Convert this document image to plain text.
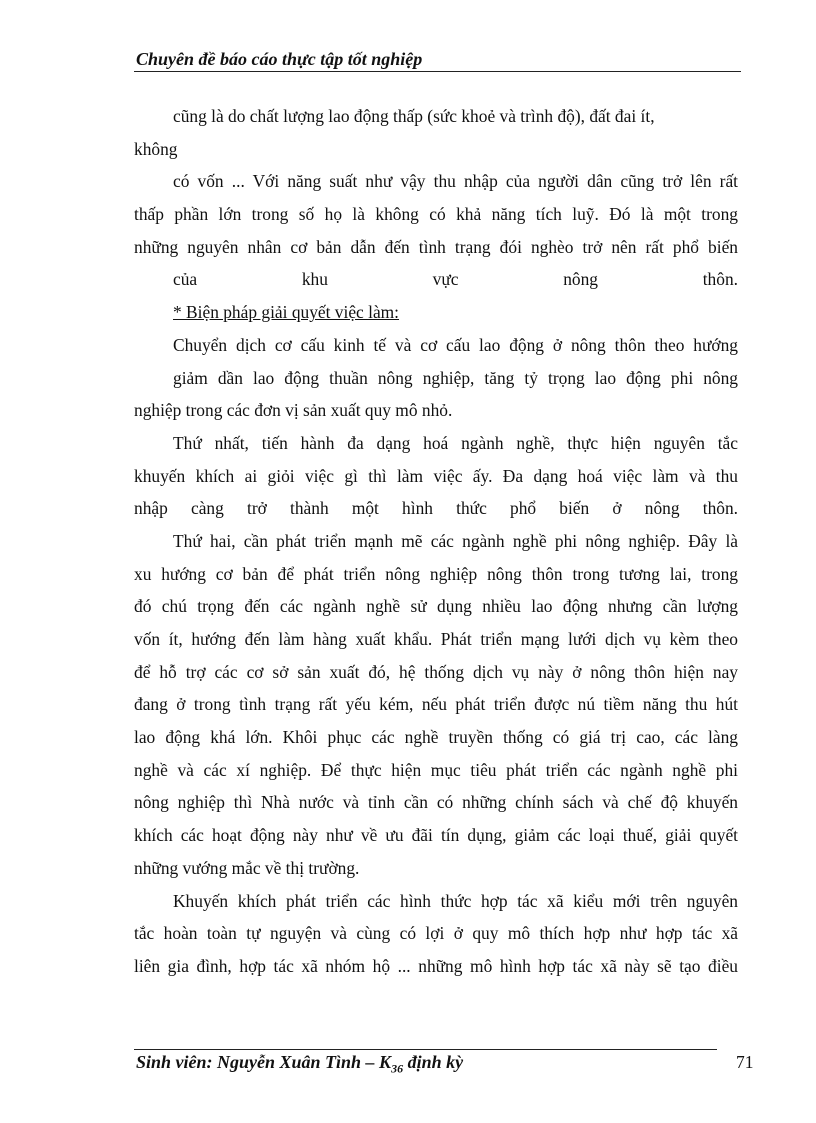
Chuyên đề báo cáo thực tập tốt nghiệp
cũng là do chất lượng lao động thấp (sức khoẻ và trình độ), đất đai ít,
không
có vốn ... Với năng suất như vậy thu nhập của người dân cũng trở lên rất
thấp phần lớn trong số họ là không có khả năng tích luỹ. Đó là một trong
những nguyên nhân cơ bản dẫn đến tình trạng đói nghèo trở nên rất phổ biến
của khu vực nông thôn.
* Biện pháp giải quyết việc làm:
Chuyển dịch cơ cấu kinh tế và cơ cấu lao động ở nông thôn theo hướng
giảm dần lao động thuần nông nghiệp, tăng tỷ trọng lao động phi nông
nghiệp trong các đơn vị sản xuất quy mô nhỏ.
Thứ nhất, tiến hành đa dạng hoá ngành nghề, thực hiện nguyên tắc
khuyến khích ai giỏi việc gì thì làm việc ấy. Đa dạng hoá việc làm và thu
nhập càng trở thành một hình thức phổ biến ở nông thôn.
Thứ hai, cần phát triển mạnh mẽ các ngành nghề phi nông nghiệp. Đây là
xu hướng cơ bản để phát triển nông nghiệp nông thôn trong tương lai, trong
đó chú trọng đến các ngành nghề sử dụng nhiều lao động nhưng cần lượng
vốn ít, hướng đến làm hàng xuất khẩu. Phát triển mạng lưới dịch vụ kèm theo
để hỗ trợ các cơ sở sản xuất đó, hệ thống dịch vụ này ở nông thôn hiện nay
đang ở trong tình trạng rất yếu kém, nếu phát triển được nú tiềm năng thu hút
lao động khá lớn. Khôi phục các nghề truyền thống có giá trị cao, các làng
nghề và các xí nghiệp. Để thực hiện mục tiêu phát triển các ngành nghề phi
nông nghiệp thì Nhà nước và tỉnh cần có những chính sách và chế độ khuyến
khích các hoạt động này như về ưu đãi tín dụng, giảm các loại thuế, giải quyết
những vướng mắc về thị trường.
Khuyến khích phát triển các hình thức hợp tác xã kiểu mới trên nguyên
tắc hoàn toàn tự nguyện và cùng có lợi ở quy mô thích hợp như hợp tác xã
liên gia đình, hợp tác xã nhóm hộ ... những mô hình hợp tác xã này sẽ tạo điều
Sinh viên: Nguyễn Xuân Tình – $K_{36}$ định kỳ	71
